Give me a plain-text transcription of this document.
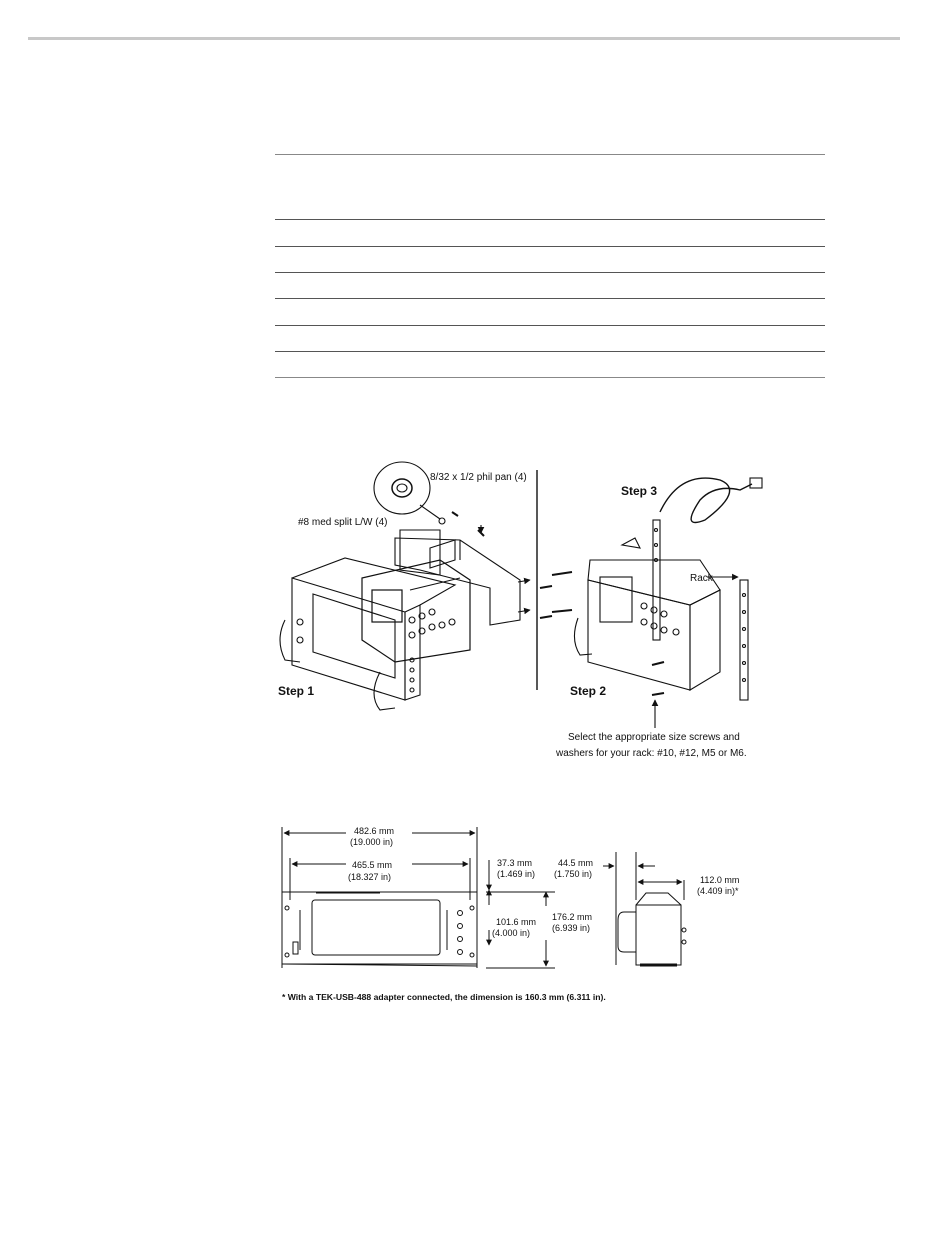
8/32 x 1/2 phil pan (4)
#8 med split L/W (4)
Step 1	Step 2
Step 3
Rack
Select the appropriate size screws and
washers for your rack: #10, #12, M5 or M6.
482.6 mm
(19.000 in)
465.5 mm
(18.327 in)
37.3 mm
(1.469 in)
101.6 mm
(4.000 in)
176.2 mm
(6.939 in)
44.5 mm
(1.750 in)
112.0 mm
(4.409 in)*
* With a TEK-USB-488 adapter connected, the dimension is 160.3 mm (6.311 in).
